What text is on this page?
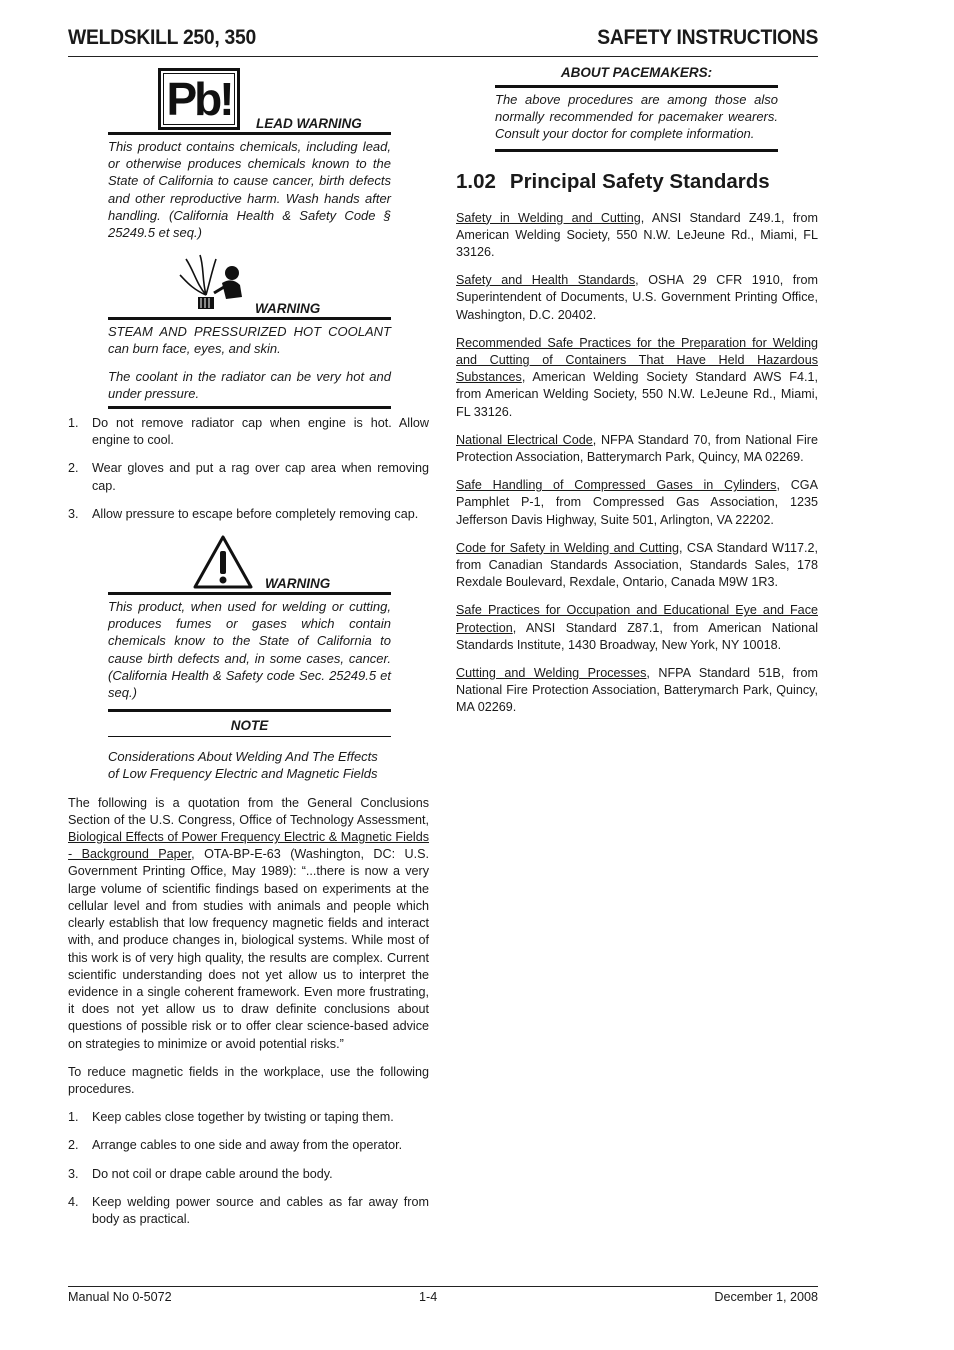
WELDSKILL 250, 350	SAFETY INSTRUCTIONS
Pb! LEAD WARNING

This product contains chemicals, including lead, or otherwise produces chemicals known to the State of California to cause cancer, birth defects and other reproductive harm. Wash hands after handling. (California Health & Safety Code § 25249.5 et seq.)

WARNING

STEAM AND PRESSURIZED HOT COOLANT can burn face, eyes, and skin.

The coolant in the radiator can be very hot and under pressure.

1. Do not remove radiator cap when engine is hot. Allow engine to cool.
2. Wear gloves and put a rag over cap area when removing cap.
3. Allow pressure to escape before completely removing cap.
WARNING

This product, when used for welding or cutting, produces fumes or gases which contain chemicals know to the State of California to cause birth defects and, in some cases, cancer. (California Health & Safety code Sec. 25249.5 et seq.)

NOTE

Considerations About Welding And The Effects of Low Frequency Electric and Magnetic Fields

The following is a quotation from the General Conclusions Section of the U.S. Congress, Office of Technology Assessment, Biological Effects of Power Frequency Electric & Magnetic Fields - Background Paper, OTA-BP-E-63 (Washington, DC: U.S. Government Printing Office, May 1989): “...there is now a very large volume of scientific findings based on experiments at the cellular level and from studies with animals and people which clearly establish that low frequency magnetic fields and interact with, and produce changes in, biological systems. While most of this work is of very high quality, the results are complex. Current scientific understanding does not yet allow us to interpret the evidence in a single coherent framework. Even more frustrating, it does not yet allow us to draw definite conclusions about questions of possible risk or to offer clear science-based advice on strategies to minimize or avoid potential risks.”

To reduce magnetic fields in the workplace, use the following procedures.

1. Keep cables close together by twisting or taping them.
2. Arrange cables to one side and away from the operator.
3. Do not coil or drape cable around the body.
4. Keep welding power source and cables as far away from body as practical.
ABOUT PACEMAKERS:

The above procedures are among those also normally recommended for pacemaker wearers. Consult your doctor for complete information.

1.02 Principal Safety Standards

Safety in Welding and Cutting, ANSI Standard Z49.1, from American Welding Society, 550 N.W. LeJeune Rd., Miami, FL 33126.

Safety and Health Standards, OSHA 29 CFR 1910, from Superintendent of Documents, U.S. Government Printing Office, Washington, D.C. 20402.

Recommended Safe Practices for the Preparation for Welding and Cutting of Containers That Have Held Hazardous Substances, American Welding Society Standard AWS F4.1, from American Welding Society, 550 N.W. LeJeune Rd., Miami, FL 33126.

National Electrical Code, NFPA Standard 70, from National Fire Protection Association, Batterymarch Park, Quincy, MA 02269.

Safe Handling of Compressed Gases in Cylinders, CGA Pamphlet P-1, from Compressed Gas Association, 1235 Jefferson Davis Highway, Suite 501, Arlington, VA 22202.

Code for Safety in Welding and Cutting, CSA Standard W117.2, from Canadian Standards Association, Standards Sales, 178 Rexdale Boulevard, Rexdale, Ontario, Canada M9W 1R3.

Safe Practices for Occupation and Educational Eye and Face Protection, ANSI Standard Z87.1, from American National Standards Institute, 1430 Broadway, New York, NY 10018.

Cutting and Welding Processes, NFPA Standard 51B, from National Fire Protection Association, Batterymarch Park, Quincy, MA 02269.

Manual No 0-5072	1-4	December 1, 2008
